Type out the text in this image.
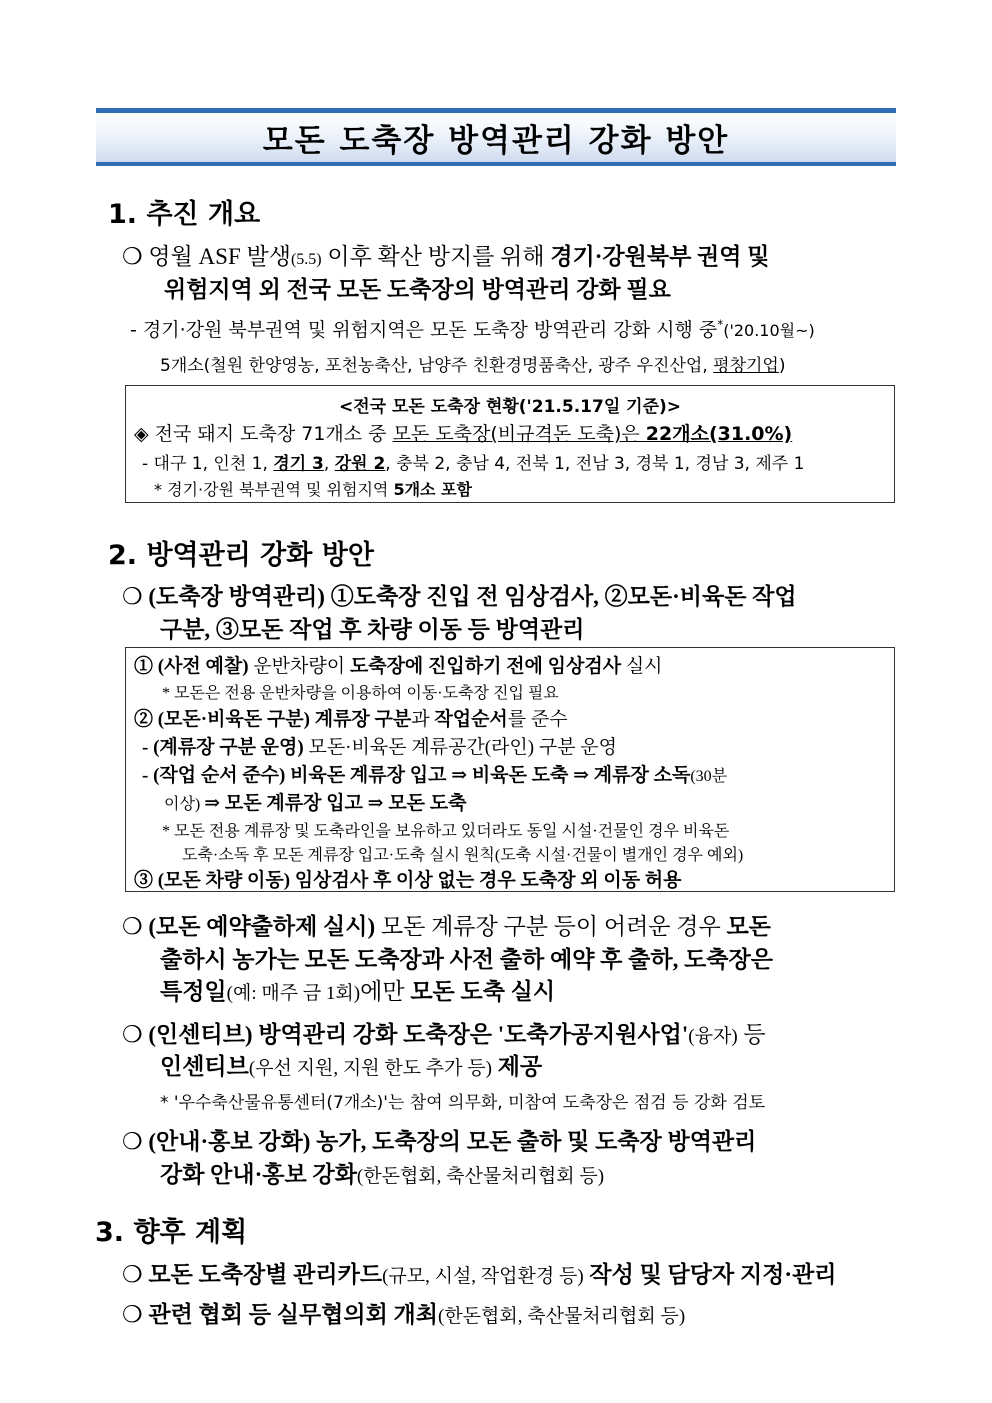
모돈 도축장 방역관리 강화 방안
1. 추진 개요
❍ 영월 ASF 발생(5.5) 이후 확산 방지를 위해 경기·강원북부 권역 및
위험지역 외 전국 모돈 도축장의 방역관리 강화 필요
- 경기·강원 북부권역 및 위험지역은 모돈 도축장 방역관리 강화 시행 중*('20.10월~)
5개소(철원 한양영농, 포천농축산, 남양주 친환경명품축산, 광주 우진산업, 평창기업)
<전국 모돈 도축장 현황('21.5.17일 기준)>
◈ 전국 돼지 도축장 71개소 중 모돈 도축장(비규격돈 도축)은 22개소(31.0%)
- 대구 1, 인천 1, 경기 3, 강원 2, 충북 2, 충남 4, 전북 1, 전남 3, 경북 1, 경남 3, 제주 1
* 경기·강원 북부권역 및 위험지역 5개소 포함
2. 방역관리 강화 방안
❍ (도축장 방역관리) ①도축장 진입 전 임상검사, ②모돈·비육돈 작업
구분, ③모돈 작업 후 차량 이동 등 방역관리
① (사전 예찰) 운반차량이 도축장에 진입하기 전에 임상검사 실시
* 모돈은 전용 운반차량을 이용하여 이동·도축장 진입 필요
② (모돈·비육돈 구분) 계류장 구분과 작업순서를 준수
- (계류장 구분 운영) 모돈·비육돈 계류공간(라인) 구분 운영
- (작업 순서 준수) 비육돈 계류장 입고 ⇒ 비육돈 도축 ⇒ 계류장 소독(30분
이상) ⇒ 모돈 계류장 입고 ⇒ 모돈 도축
* 모돈 전용 계류장 및 도축라인을 보유하고 있더라도 동일 시설·건물인 경우 비육돈
도축·소독 후 모돈 계류장 입고·도축 실시 원칙(도축 시설·건물이 별개인 경우 예외)
③ (모돈 차량 이동) 임상검사 후 이상 없는 경우 도축장 외 이동 허용
❍ (모돈 예약출하제 실시) 모돈 계류장 구분 등이 어려운 경우 모돈
출하시 농가는 모돈 도축장과 사전 출하 예약 후 출하, 도축장은
특정일(예: 매주 금 1회)에만 모돈 도축 실시
❍ (인센티브) 방역관리 강화 도축장은 '도축가공지원사업'(융자) 등
인센티브(우선 지원, 지원 한도 추가 등) 제공
* '우수축산물유통센터(7개소)'는 참여 의무화, 미참여 도축장은 점검 등 강화 검토
❍ (안내·홍보 강화) 농가, 도축장의 모돈 출하 및 도축장 방역관리
강화 안내·홍보 강화(한돈협회, 축산물처리협회 등)
3. 향후 계획
❍ 모돈 도축장별 관리카드(규모, 시설, 작업환경 등) 작성 및 담당자 지정·관리
❍ 관련 협회 등 실무협의회 개최(한돈협회, 축산물처리협회 등)
